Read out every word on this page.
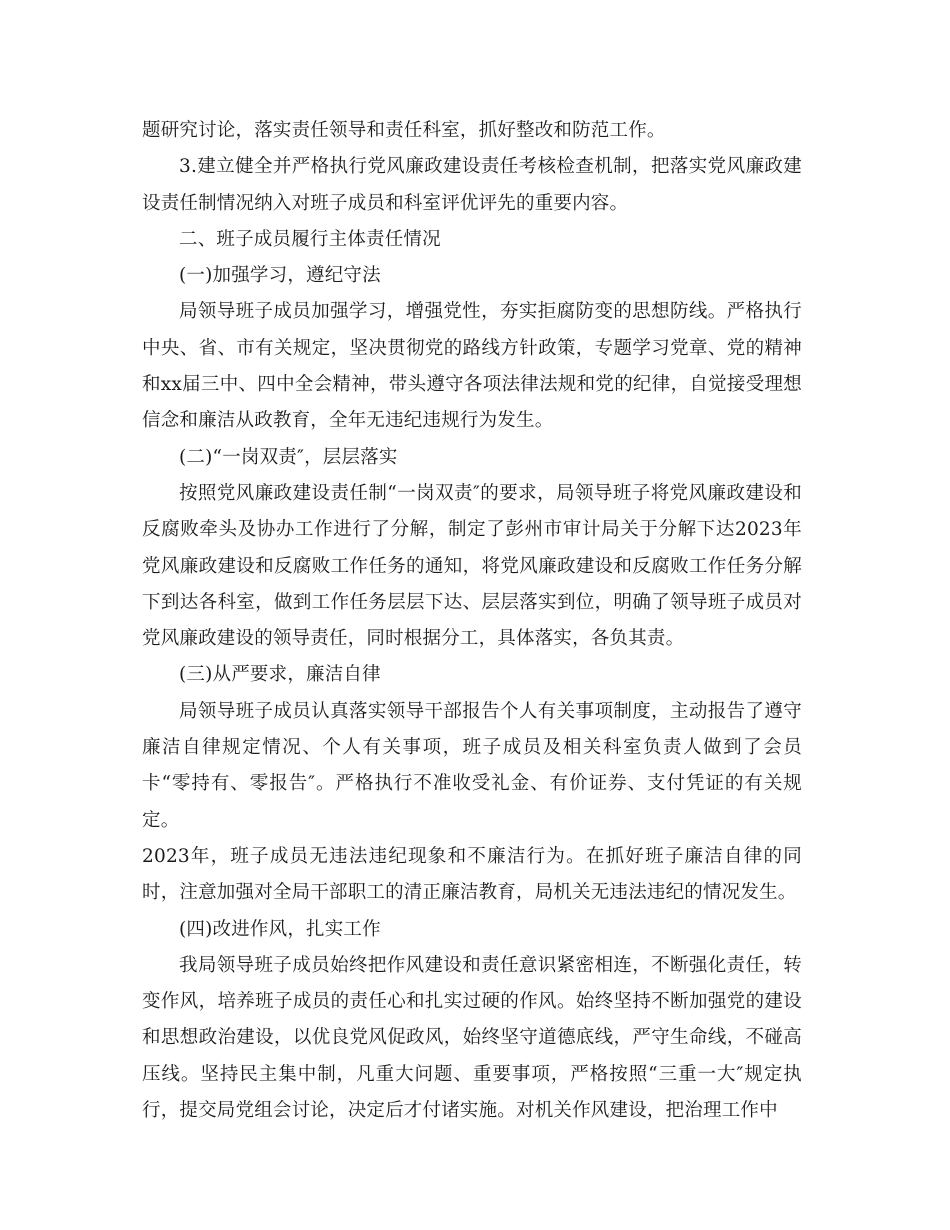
题研究讨论，落实责任领导和责任科室，抓好整改和防范工作。

3.建立健全并严格执行党风廉政建设责任考核检查机制，把落实党风廉政建设责任制情况纳入对班子成员和科室评优评先的重要内容。

二、班子成员履行主体责任情况

(一)加强学习，遵纪守法

局领导班子成员加强学习，增强党性，夯实拒腐防变的思想防线。严格执行中央、省、市有关规定，坚决贯彻党的路线方针政策，专题学习党章、党的精神和xx届三中、四中全会精神，带头遵守各项法律法规和党的纪律，自觉接受理想信念和廉洁从政教育，全年无违纪违规行为发生。

(二)“一岗双责″，层层落实

按照党风廉政建设责任制“一岗双责″的要求，局领导班子将党风廉政建设和反腐败牵头及协办工作进行了分解，制定了彭州市审计局关于分解下达2023年党风廉政建设和反腐败工作任务的通知，将党风廉政建设和反腐败工作任务分解下到达各科室，做到工作任务层层下达、层层落实到位，明确了领导班子成员对党风廉政建设的领导责任，同时根据分工，具体落实，各负其责。

(三)从严要求，廉洁自律

局领导班子成员认真落实领导干部报告个人有关事项制度，主动报告了遵守廉洁自律规定情况、个人有关事项，班子成员及相关科室负责人做到了会员卡“零持有、零报告″。严格执行不准收受礼金、有价证券、支付凭证的有关规定。

2023年，班子成员无违法违纪现象和不廉洁行为。在抓好班子廉洁自律的同时，注意加强对全局干部职工的清正廉洁教育，局机关无违法违纪的情况发生。

(四)改进作风，扎实工作

我局领导班子成员始终把作风建设和责任意识紧密相连，不断强化责任，转变作风，培养班子成员的责任心和扎实过硬的作风。始终坚持不断加强党的建设和思想政治建设，以优良党风促政风，始终坚守道德底线，严守生命线，不碰高压线。坚持民主集中制，凡重大问题、重要事项，严格按照“三重一大″规定执行，提交局党组会讨论，决定后才付诸实施。对机关作风建设，把治理工作中
